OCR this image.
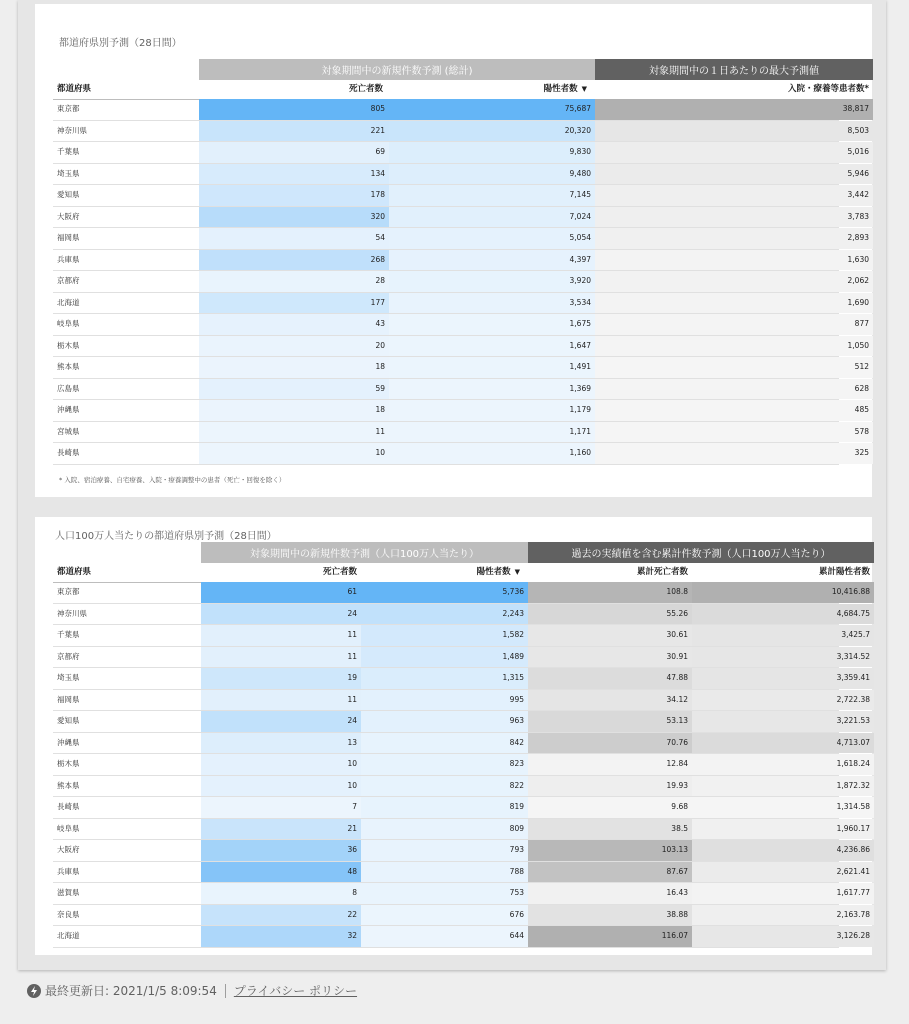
都道府県別予測（28日間）
対象期間中の新規件数予測 (総計)	対象期間中の１日あたりの最大予測値
都道府県	死亡者数	陽性者数 ▼	入院・療養等患者数*
東京都	805	75,687	38,817
神奈川県	221	20,320	8,503
千葉県	69	9,830	5,016
埼玉県	134	9,480	5,946
愛知県	178	7,145	3,442
大阪府	320	7,024	3,783
福岡県	54	5,054	2,893
兵庫県	268	4,397	1,630
京都府	28	3,920	2,062
北海道	177	3,534	1,690
岐阜県	43	1,675	877
栃木県	20	1,647	1,050
熊本県	18	1,491	512
広島県	59	1,369	628
沖縄県	18	1,179	485
宮城県	11	1,171	578
長崎県	10	1,160	325
* 入院、宿泊療養、自宅療養、入院・療養調整中の患者（死亡・回復を除く）
人口100万人当たりの都道府県別予測（28日間）
対象期間中の新規件数予測（人口100万人当たり）	過去の実績値を含む累計件数予測（人口100万人当たり）
都道府県	死亡者数	陽性者数 ▼	累計死亡者数	累計陽性者数
東京都	61	5,736	108.8	10,416.88
神奈川県	24	2,243	55.26	4,684.75
千葉県	11	1,582	30.61	3,425.7
京都府	11	1,489	30.91	3,314.52
埼玉県	19	1,315	47.88	3,359.41
福岡県	11	995	34.12	2,722.38
愛知県	24	963	53.13	3,221.53
沖縄県	13	842	70.76	4,713.07
栃木県	10	823	12.84	1,618.24
熊本県	10	822	19.93	1,872.32
長崎県	7	819	9.68	1,314.58
岐阜県	21	809	38.5	1,960.17
大阪府	36	793	103.13	4,236.86
兵庫県	48	788	87.67	2,621.41
滋賀県	8	753	16.43	1,617.77
奈良県	22	676	38.88	2,163.78
北海道	32	644	116.07	3,126.28
最終更新日: 2021/1/5 8:09:54 プライバシー ポリシー
